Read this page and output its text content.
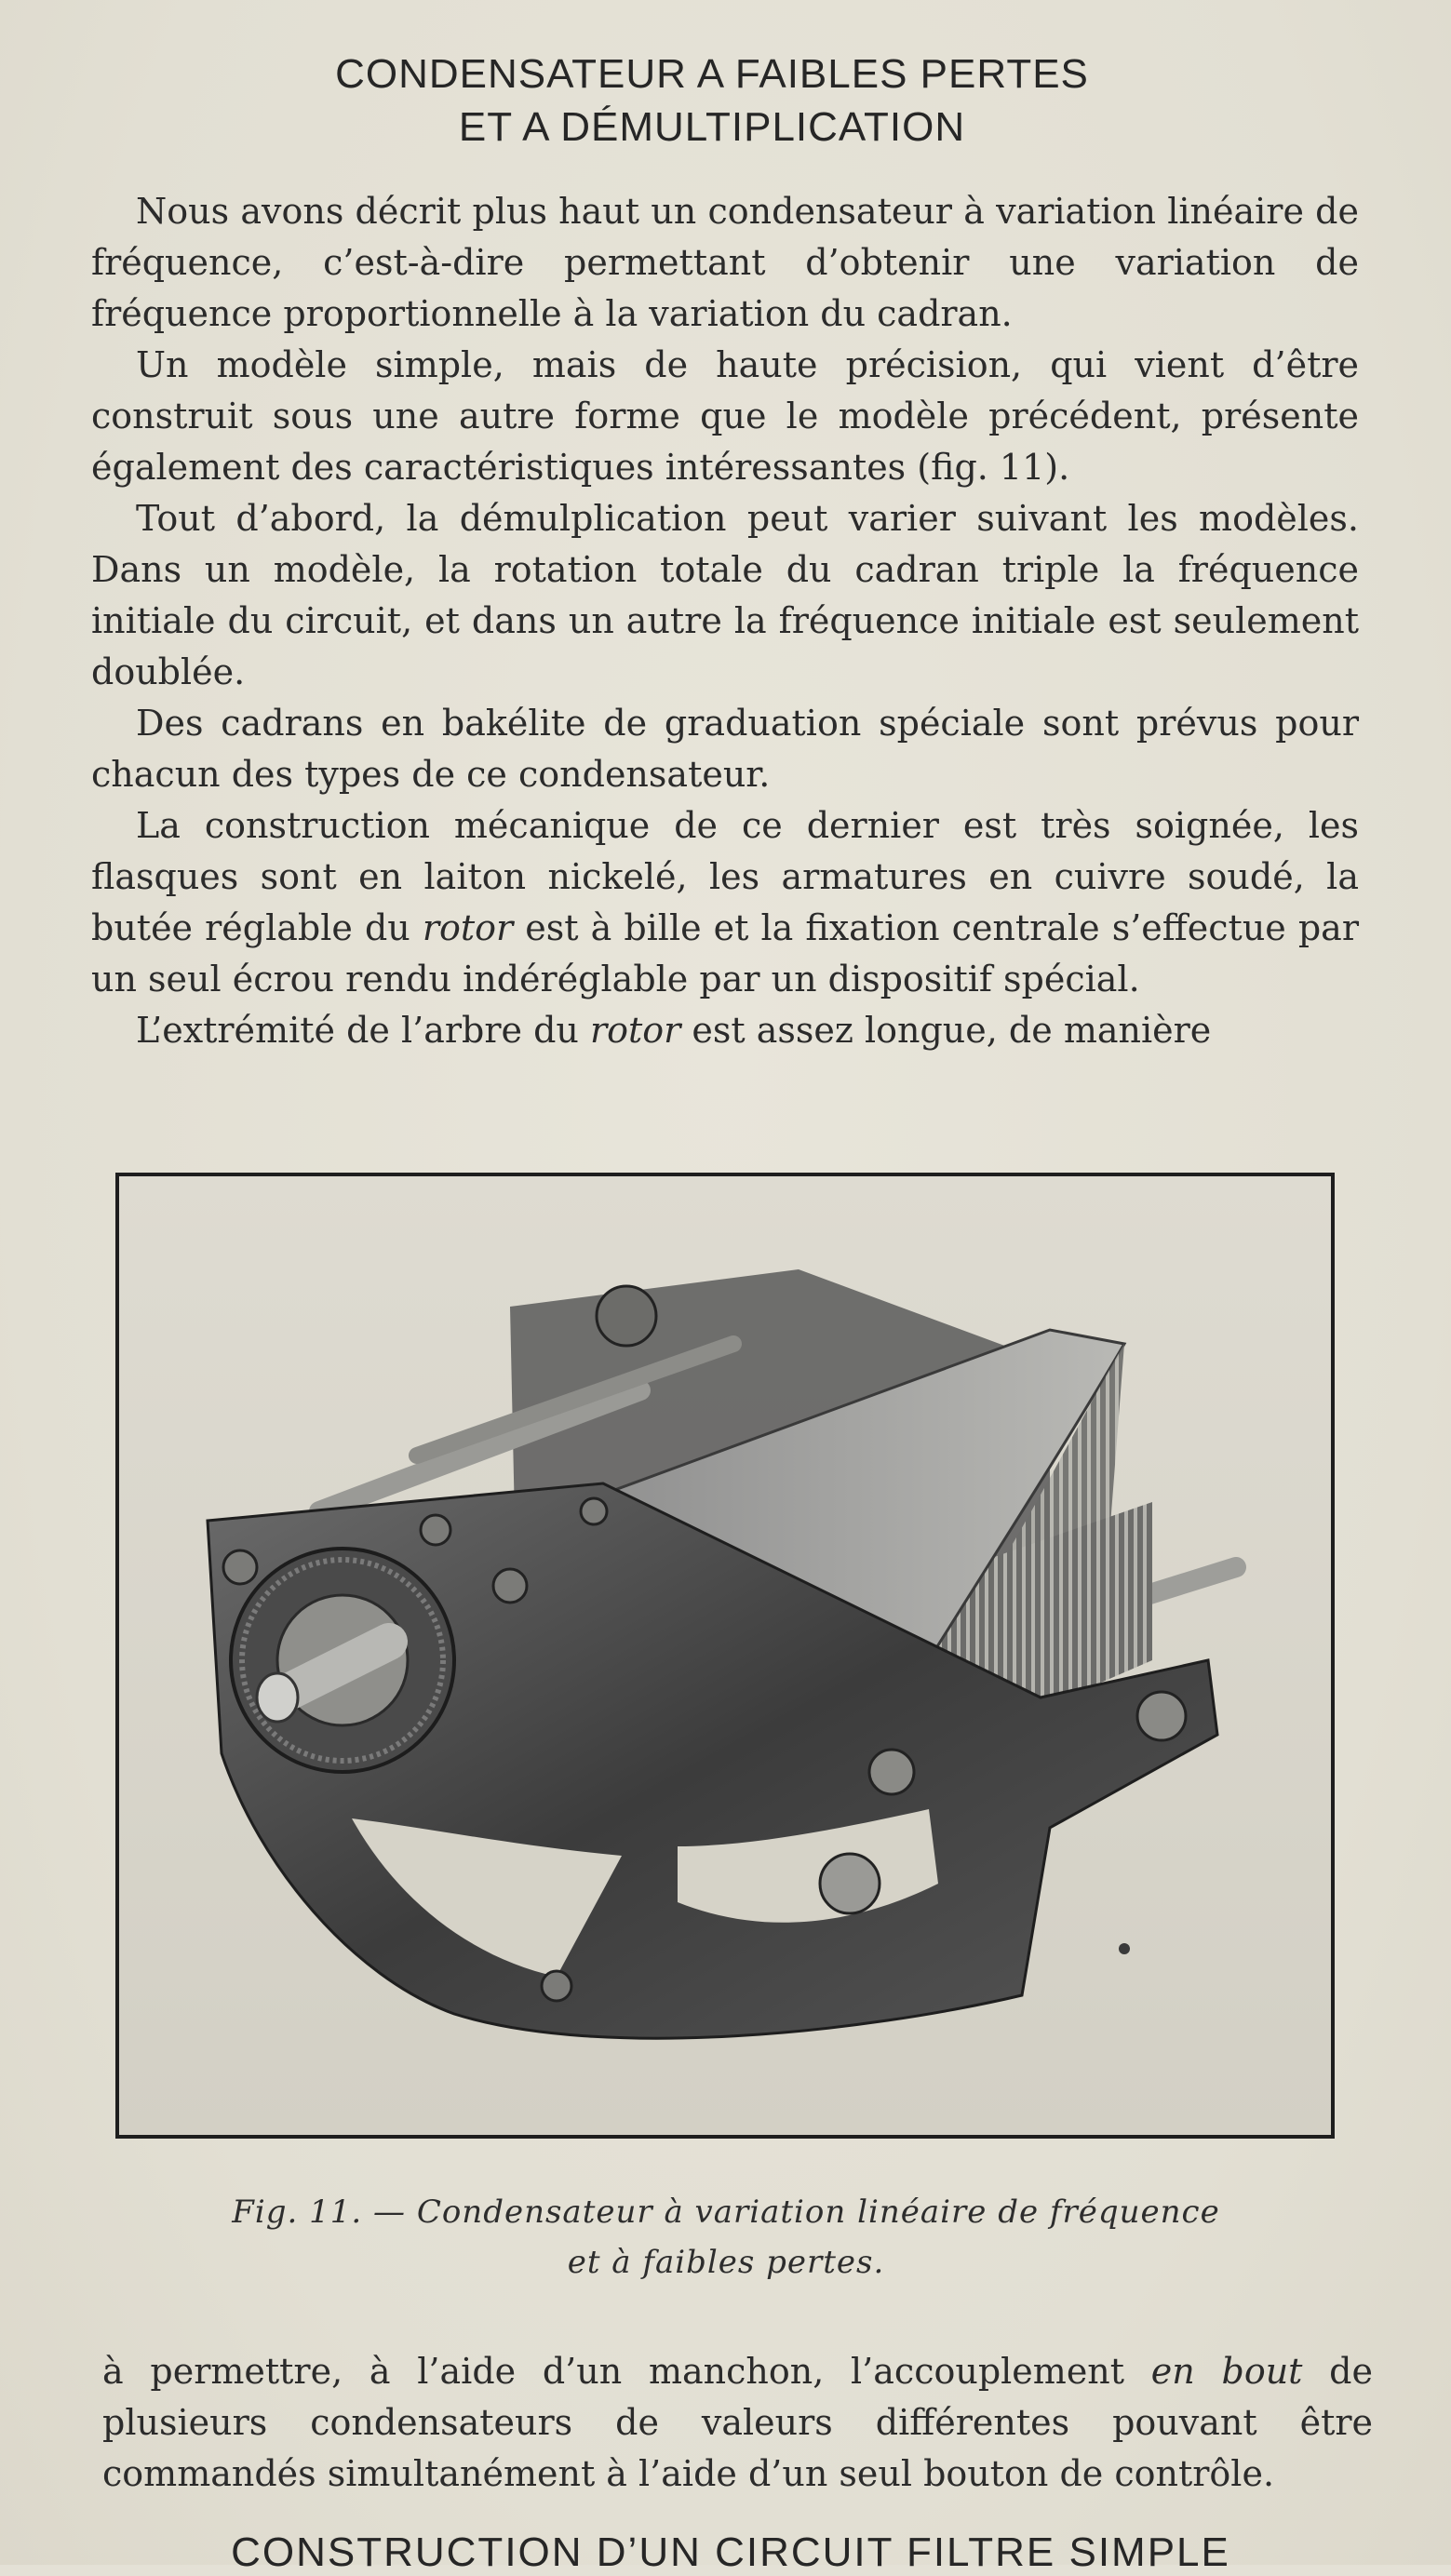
CONDENSATEUR A FAIBLES PERTES
ET A DÉMULTIPLICATION

Nous avons décrit plus haut un condensateur à variation linéaire de fréquence, c’est-à-dire permettant d’obtenir une variation de fréquence proportionnelle à la variation du cadran.

Un modèle simple, mais de haute précision, qui vient d’être construit sous une autre forme que le modèle précédent, présente également des caractéristiques intéressantes (fig. 11).

Tout d’abord, la démulplication peut varier suivant les modèles. Dans un modèle, la rotation totale du cadran triple la fréquence initiale du circuit, et dans un autre la fréquence initiale est seulement doublée.

Des cadrans en bakélite de graduation spéciale sont prévus pour chacun des types de ce condensateur.

La construction mécanique de ce dernier est très soignée, les flasques sont en laiton nickelé, les armatures en cuivre soudé, la butée réglable du rotor est à bille et la fixation centrale s’effectue par un seul écrou rendu indéréglable par un dispositif spécial.

L’extrémité de l’arbre du rotor est assez longue, de manière

Fig. 11. — Condensateur à variation linéaire de fréquence
et à faibles pertes.

à permettre, à l’aide d’un manchon, l’accouplement en bout de plusieurs condensateurs de valeurs différentes pouvant être commandés simultanément à l’aide d’un seul bouton de contrôle.

CONSTRUCTION D’UN CIRCUIT FILTRE SIMPLE
